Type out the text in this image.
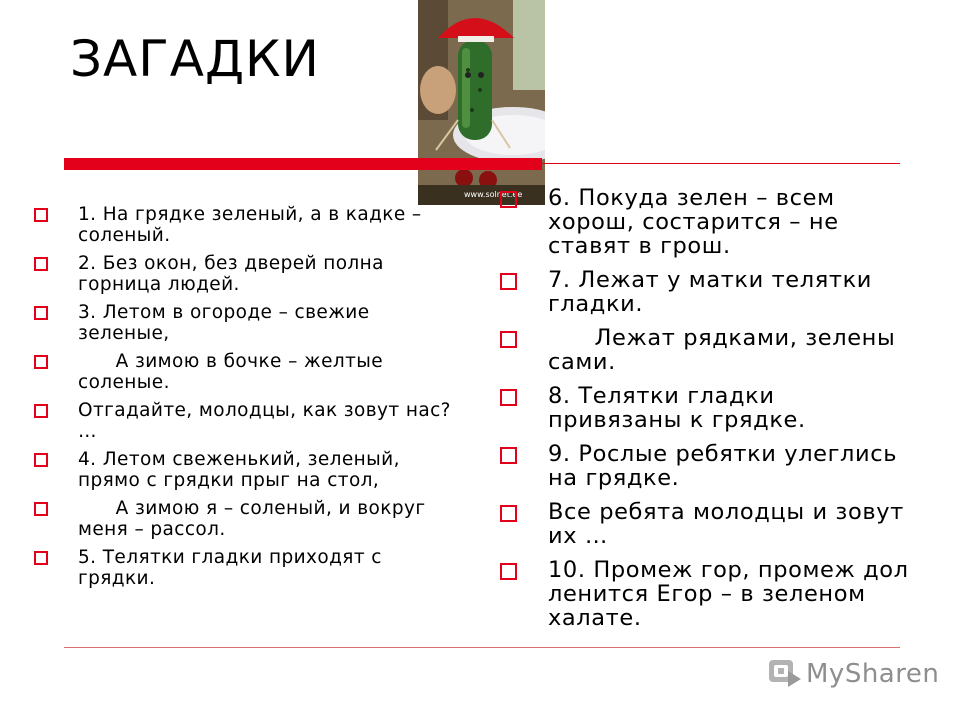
ЗАГАДКИ
www.solnet.ee
1. На грядке зеленый, а в кадке – соленый.
2. Без окон, без дверей полна горница людей.
3. Летом в огороде – свежие зеленые,
А зимою в бочке – желтые соленые.
Отгадайте, молодцы, как зовут нас? …
4. Летом свеженький, зеленый, прямо с грядки прыг на стол,
А зимою я – соленый, и вокруг меня – рассол.
5. Телятки гладки приходят с грядки.
6. Покуда зелен – всем хорош, состарится – не ставят в грош.
7. Лежат у матки телятки гладки.
Лежат рядками, зелены сами.
8. Телятки гладки привязаны к грядке.
9. Рослые ребятки улеглись на грядке.
Все ребята молодцы и зовут их …
10. Промеж гор, промеж дол ленится Егор – в зеленом халате.
MySharen
